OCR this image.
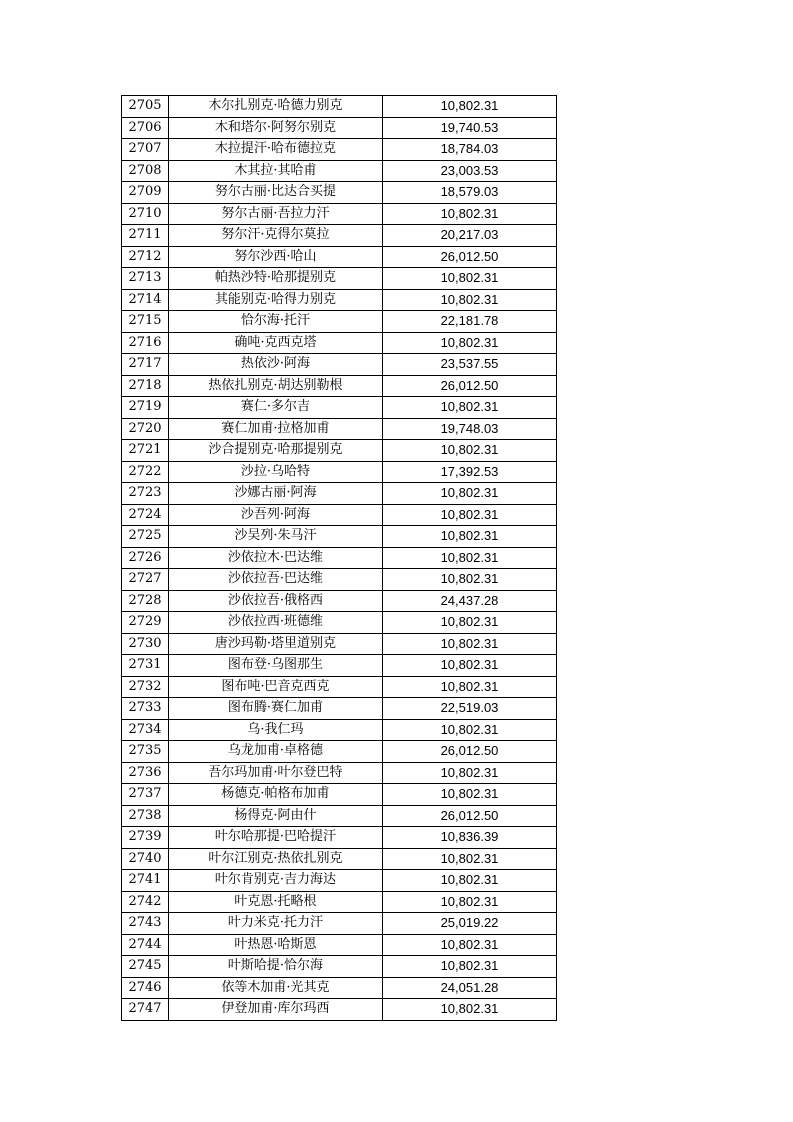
2705	木尔扎别克·哈德力别克	10,802.31
2706	木和塔尔·阿努尔别克	19,740.53
2707	木拉提汗·哈布德拉克	18,784.03
2708	木其拉·其哈甫	23,003.53
2709	努尔古丽·比达合买提	18,579.03
2710	努尔古丽·吾拉力汗	10,802.31
2711	努尔汗·克得尔莫拉	20,217.03
2712	努尔沙西·哈山	26,012.50
2713	帕热沙特·哈那提别克	10,802.31
2714	其能别克·哈得力别克	10,802.31
2715	恰尔海·托汗	22,181.78
2716	确吨·克西克塔	10,802.31
2717	热依沙·阿海	23,537.55
2718	热依扎别克·胡达别勒根	26,012.50
2719	赛仁·多尔吉	10,802.31
2720	赛仁加甫·拉格加甫	19,748.03
2721	沙合提别克·哈那提别克	10,802.31
2722	沙拉·乌哈特	17,392.53
2723	沙娜古丽·阿海	10,802.31
2724	沙吾列·阿海	10,802.31
2725	沙吴列·朱马汗	10,802.31
2726	沙依拉木·巴达维	10,802.31
2727	沙依拉吾·巴达维	10,802.31
2728	沙依拉吾·俄格西	24,437.28
2729	沙依拉西·班德维	10,802.31
2730	唐沙玛勒·塔里道别克	10,802.31
2731	图布登·乌图那生	10,802.31
2732	图布吨·巴音克西克	10,802.31
2733	图布腾·赛仁加甫	22,519.03
2734	乌·我仁玛	10,802.31
2735	乌龙加甫·卓格德	26,012.50
2736	吾尔玛加甫·叶尔登巴特	10,802.31
2737	杨德克·帕格布加甫	10,802.31
2738	杨得克·阿由什	26,012.50
2739	叶尔哈那提·巴哈提汗	10,836.39
2740	叶尔江别克·热依扎别克	10,802.31
2741	叶尔肯别克·吉力海达	10,802.31
2742	叶克恩·托略根	10,802.31
2743	叶力米克·托力汗	25,019.22
2744	叶热恩·哈斯恩	10,802.31
2745	叶斯哈提·恰尔海	10,802.31
2746	依等木加甫·光其克	24,051.28
2747	伊登加甫·库尔玛西	10,802.31
